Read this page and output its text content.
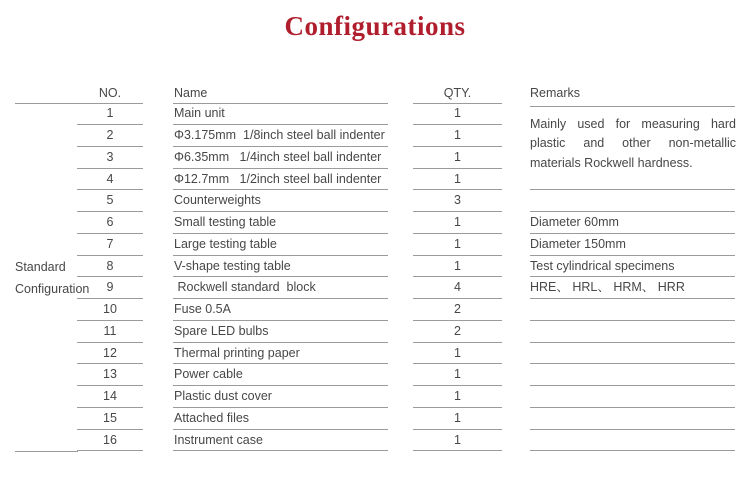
Configurations
NO.	Name	QTY.	Remarks
Standard
Configuration
Mainly used for measuring hard plastic and other non-metallic materials Rockwell hardness.
1	Main unit	1
2	Φ3.175mm  1/8inch steel ball indenter	1
3	Φ6.35mm   1/4inch steel ball indenter	1
4	Φ12.7mm   1/2inch steel ball indenter	1
5	Counterweights	3
6	Small testing table	1	Diameter 60mm
7	Large testing table	1	Diameter 150mm
8	V-shape testing table	1	Test cylindrical specimens
9	Rockwell standard  block	4	HRE、 HRL、 HRM、 HRR
10	Fuse 0.5A	2
11	Spare LED bulbs	2
12	Thermal printing paper	1
13	Power cable	1
14	Plastic dust cover	1
15	Attached files	1
16	Instrument case	1
